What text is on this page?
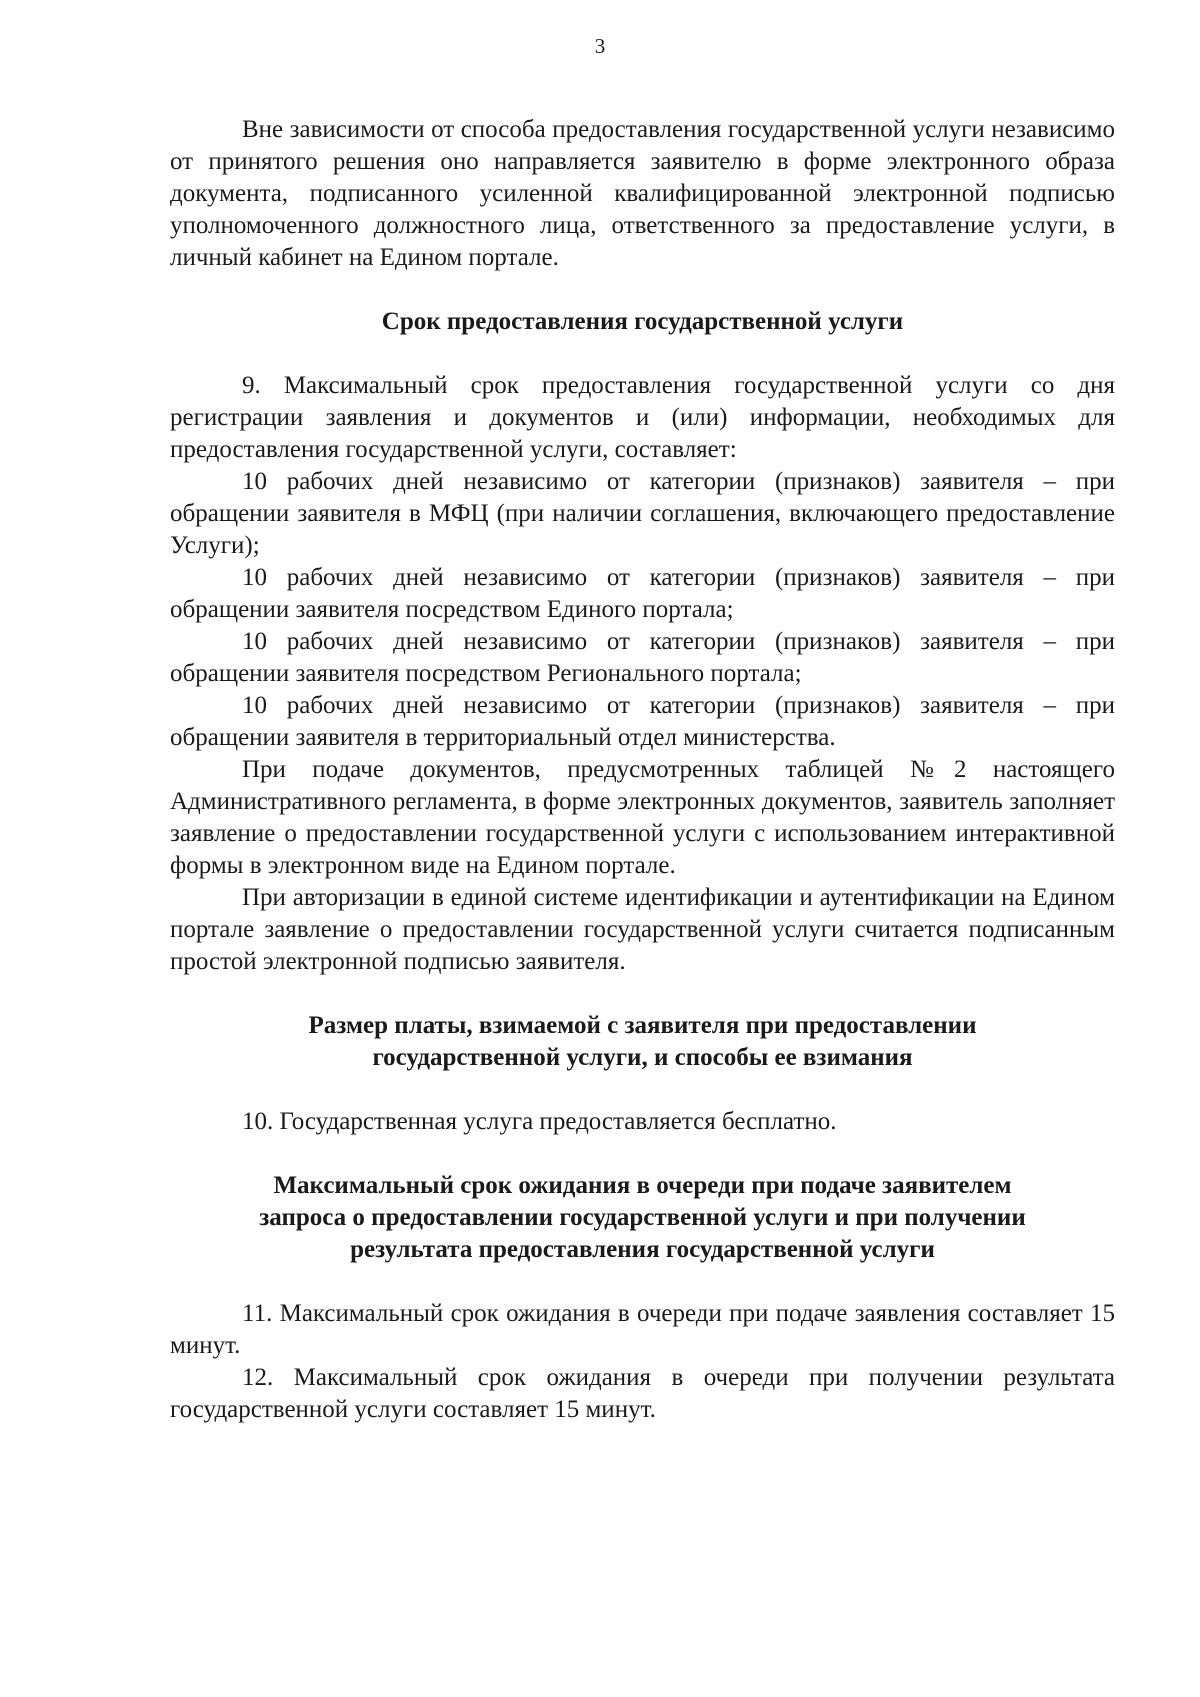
3

Вне зависимости от способа предоставления государственной услуги независимо от принятого решения оно направляется заявителю в форме электронного образа документа, подписанного усиленной квалифицированной электронной подписью уполномоченного должностного лица, ответственного за предоставление услуги, в личный кабинет на Едином портале.

Срок предоставления государственной услуги

9. Максимальный срок предоставления государственной услуги со дня регистрации заявления и документов и (или) информации, необходимых для предоставления государственной услуги, составляет:

10 рабочих дней независимо от категории (признаков) заявителя – при обращении заявителя в МФЦ (при наличии соглашения, включающего предоставление Услуги);

10 рабочих дней независимо от категории (признаков) заявителя – при обращении заявителя посредством Единого портала;

10 рабочих дней независимо от категории (признаков) заявителя – при обращении заявителя посредством Регионального портала;

10 рабочих дней независимо от категории (признаков) заявителя – при обращении заявителя в территориальный отдел министерства.

При подаче документов, предусмотренных таблицей №2 настоящего Административного регламента, в форме электронных документов, заявитель заполняет заявление о предоставлении государственной услуги с использованием интерактивной формы в электронном виде на Едином портале.

При авторизации в единой системе идентификации и аутентификации на Едином портале заявление о предоставлении государственной услуги считается подписанным простой электронной подписью заявителя.

Размер платы, взимаемой с заявителя при предоставлении
государственной услуги, и способы ее взимания

10. Государственная услуга предоставляется бесплатно.

Максимальный срок ожидания в очереди при подаче заявителем
запроса о предоставлении государственной услуги и при получении
результата предоставления государственной услуги

11. Максимальный срок ожидания в очереди при подаче заявления составляет 15 минут.

12. Максимальный срок ожидания в очереди при получении результата государственной услуги составляет 15 минут.
